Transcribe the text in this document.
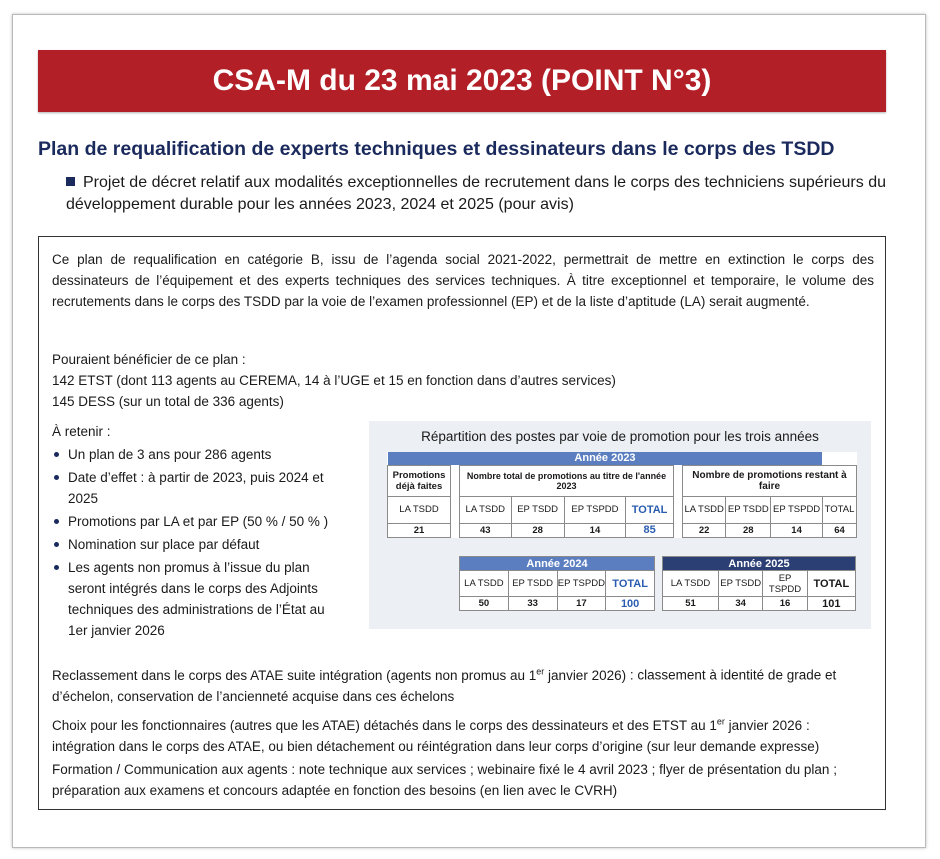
CSA-M du 23 mai 2023 (POINT N°3)
Plan de requalification de experts techniques et dessinateurs dans le corps des TSDD
Projet de décret relatif aux modalités exceptionnelles de recrutement dans le corps des techniciens supérieurs du développement durable pour les années 2023, 2024 et 2025 (pour avis)
Ce plan de requalification en catégorie B, issu de l’agenda social 2021-2022, permettrait de mettre en extinction le corps des dessinateurs de l’équipement et des experts techniques des services techniques. À titre exceptionnel et temporaire, le volume des recrutements dans le corps des TSDD par la voie de l’examen professionnel (EP) et de la liste d’aptitude (LA) serait augmenté.
Pouraient bénéficier de ce plan :
142 ETST (dont 113 agents au CEREMA, 14 à l’UGE et 15 en fonction dans d’autres services)
145 DESS (sur un total de 336 agents)
À retenir :
Un plan de 3 ans pour 286 agents
Date d’effet : à partir de 2023, puis 2024 et 2025
Promotions par LA et par EP (50 % / 50 % )
Nomination sur place par défaut
Les agents non promus à l’issue du plan seront intégrés dans le corps des Adjoints techniques des administrations de l’État au 1er janvier 2026
Répartition des postes par voie de promotion pour les trois années
Année 2023										
Promotions déjà faites		Nombre total de promotions au titre de l'année 2023					Nombre de promotions restant à faire			
LA TSDD		LA TSDD	EP TSDD	EP TSPDD	TOTAL		LA TSDD	EP TSDD	EP TSPDD	TOTAL
21		43	28	14	85		22	28	14	64
Année 2024			
LA TSDD	EP TSDD	EP TSPDD	TOTAL
50	33	17	100
Année 2025			
LA TSDD	EP TSDD	EP TSPDD	TOTAL
51	34	16	101
Reclassement dans le corps des ATAE suite intégration (agents non promus au 1er janvier 2026) : classement à identité de grade et d’échelon, conservation de l’ancienneté acquise dans ces échelons
Choix pour les fonctionnaires (autres que les ATAE) détachés dans le corps des dessinateurs et des ETST au 1er janvier 2026 : intégration dans le corps des ATAE, ou bien détachement ou réintégration dans leur corps d’origine (sur leur demande expresse)
Formation / Communication aux agents : note technique aux services ; webinaire fixé le 4 avril 2023 ; flyer de présentation du plan ; préparation aux examens et concours adaptée en fonction des besoins (en lien avec le CVRH)
